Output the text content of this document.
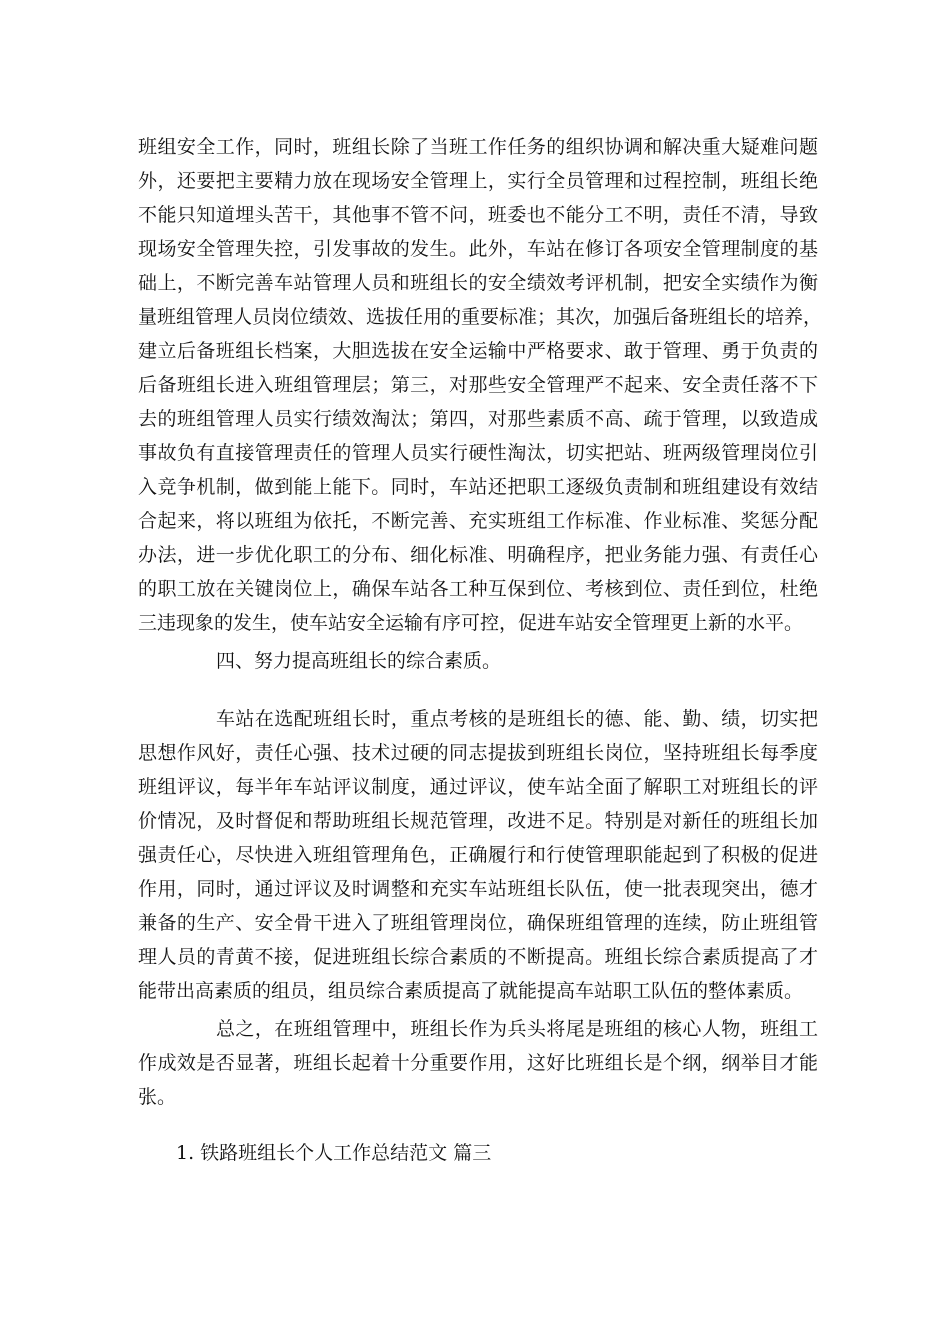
班组安全工作，同时，班组长除了当班工作任务的组织协调和解决重大疑难问题
外，还要把主要精力放在现场安全管理上，实行全员管理和过程控制，班组长绝
不能只知道埋头苦干，其他事不管不问，班委也不能分工不明，责任不清，导致
现场安全管理失控，引发事故的发生。此外，车站在修订各项安全管理制度的基
础上，不断完善车站管理人员和班组长的安全绩效考评机制，把安全实绩作为衡
量班组管理人员岗位绩效、选拔任用的重要标准；其次，加强后备班组长的培养，
建立后备班组长档案，大胆选拔在安全运输中严格要求、敢于管理、勇于负责的
后备班组长进入班组管理层；第三，对那些安全管理严不起来、安全责任落不下
去的班组管理人员实行绩效淘汰；第四，对那些素质不高、疏于管理，以致造成
事故负有直接管理责任的管理人员实行硬性淘汰，切实把站、班两级管理岗位引
入竞争机制，做到能上能下。同时，车站还把职工逐级负责制和班组建设有效结
合起来，将以班组为依托，不断完善、充实班组工作标准、作业标准、奖惩分配
办法，进一步优化职工的分布、细化标准、明确程序，把业务能力强、有责任心
的职工放在关键岗位上，确保车站各工种互保到位、考核到位、责任到位，杜绝
三违现象的发生，使车站安全运输有序可控，促进车站安全管理更上新的水平。
四、努力提高班组长的综合素质。
车站在选配班组长时，重点考核的是班组长的德、能、勤、绩，切实把
思想作风好，责任心强、技术过硬的同志提拔到班组长岗位，坚持班组长每季度
班组评议，每半年车站评议制度，通过评议，使车站全面了解职工对班组长的评
价情况，及时督促和帮助班组长规范管理，改进不足。特别是对新任的班组长加
强责任心，尽快进入班组管理角色，正确履行和行使管理职能起到了积极的促进
作用，同时，通过评议及时调整和充实车站班组长队伍，使一批表现突出，德才
兼备的生产、安全骨干进入了班组管理岗位，确保班组管理的连续，防止班组管
理人员的青黄不接，促进班组长综合素质的不断提高。班组长综合素质提高了才
能带出高素质的组员，组员综合素质提高了就能提高车站职工队伍的整体素质。
总之，在班组管理中，班组长作为兵头将尾是班组的核心人物，班组工
作成效是否显著，班组长起着十分重要作用，这好比班组长是个纲，纲举目才能
张。
1. 铁路班组长个人工作总结范文 篇三
